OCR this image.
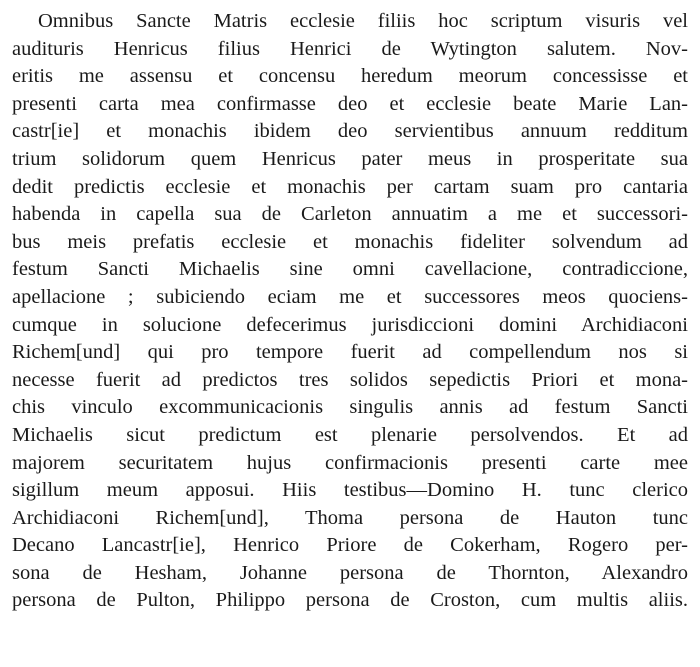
Omnibus Sancte Matris ecclesie filiis hoc scriptum visuris vel
audituris Henricus filius Henrici de Wytington salutem. Nov-
eritis me assensu et concensu heredum meorum concessisse et
presenti carta mea confirmasse deo et ecclesie beate Marie Lan-
castr[ie] et monachis ibidem deo servientibus annuum redditum
trium solidorum quem Henricus pater meus in prosperitate sua
dedit predictis ecclesie et monachis per cartam suam pro cantaria
habenda in capella sua de Carleton annuatim a me et successori-
bus meis prefatis ecclesie et monachis fideliter solvendum ad
festum Sancti Michaelis sine omni cavellacione, contradiccione,
apellacione ; subiciendo eciam me et successores meos quociens-
cumque in solucione defecerimus jurisdiccioni domini Archidiaconi
Richem[und] qui pro tempore fuerit ad compellendum nos si
necesse fuerit ad predictos tres solidos sepedictis Priori et mona-
chis vinculo excommunicacionis singulis annis ad festum Sancti
Michaelis sicut predictum est plenarie persolvendos. Et ad
majorem securitatem hujus confirmacionis presenti carte mee
sigillum meum apposui. Hiis testibus—Domino H. tunc clerico
Archidiaconi Richem[und], Thoma persona de Hauton tunc
Decano Lancastr[ie], Henrico Priore de Cokerham, Rogero per-
sona de Hesham, Johanne persona de Thornton, Alexandro
persona de Pulton, Philippo persona de Croston, cum multis aliis.
